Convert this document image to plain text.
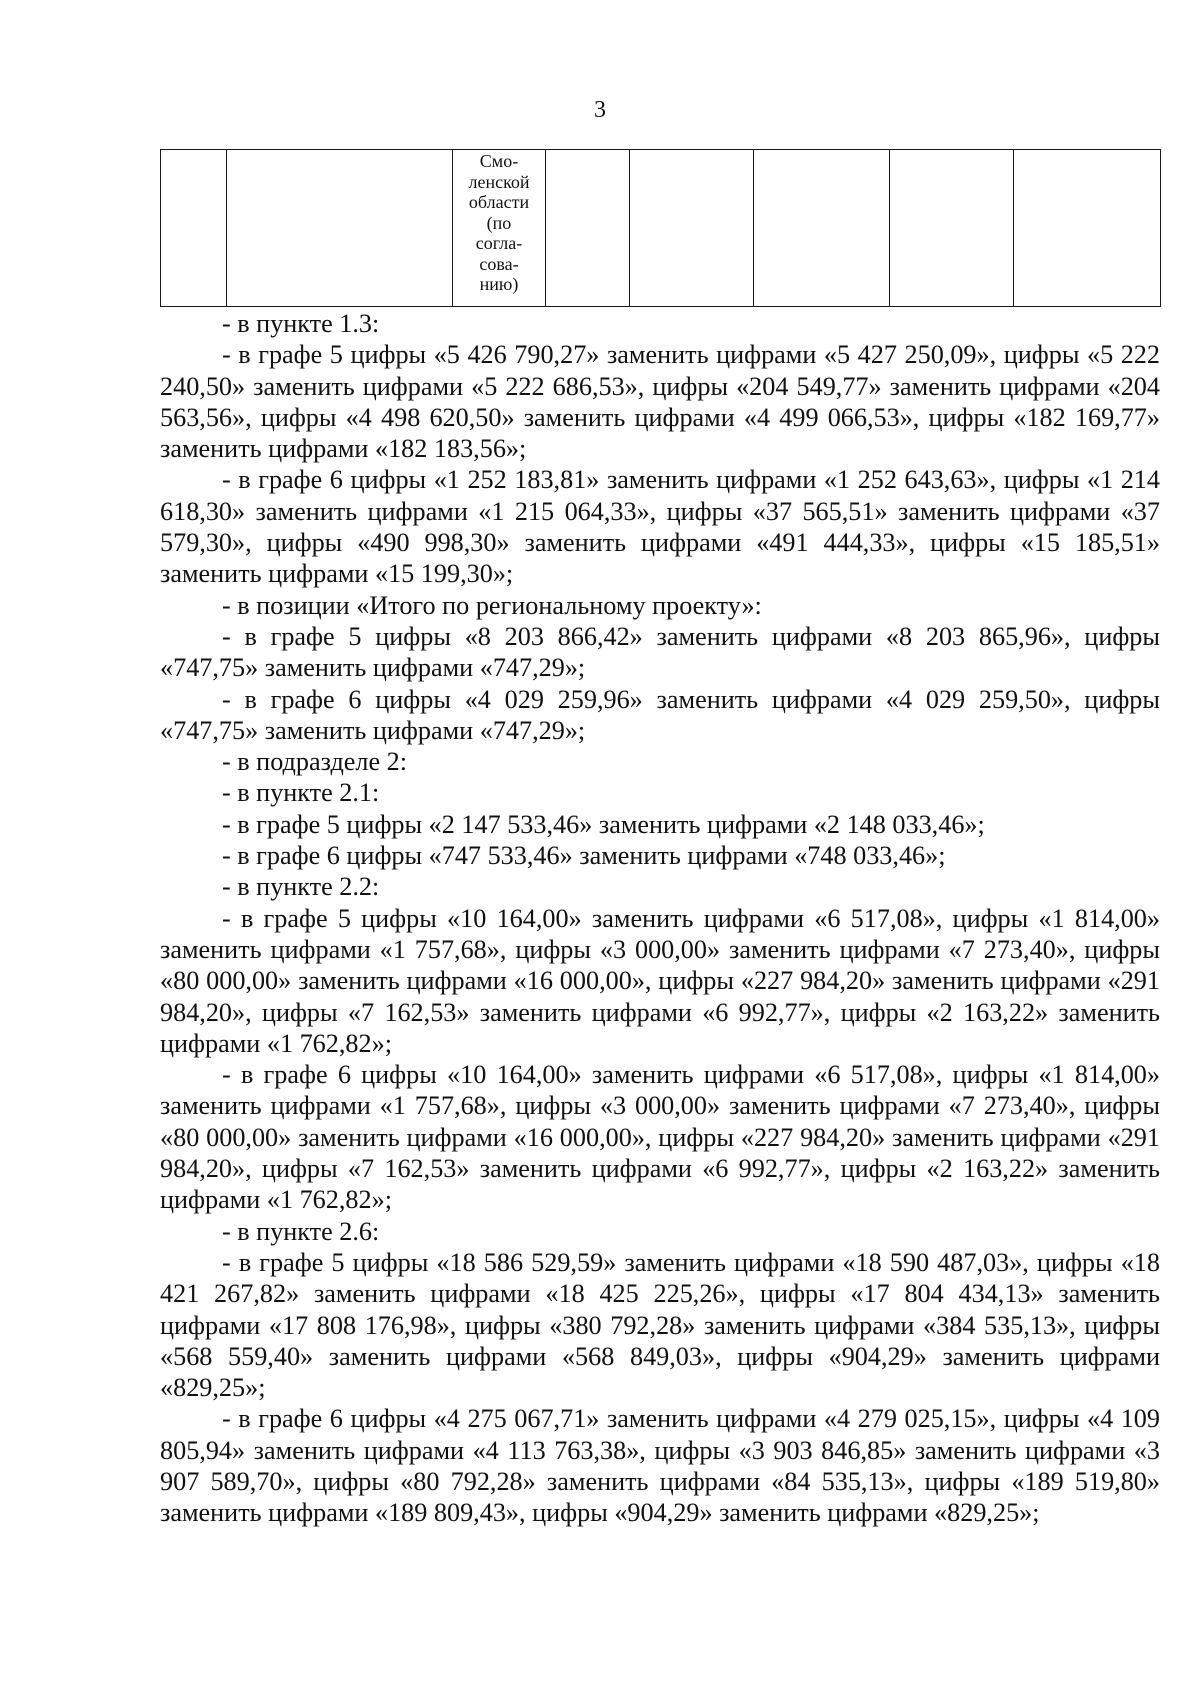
3

Смо-
ленской
области
(по
согла-
сова-
нию)

- в пункте 1.3:

- в графе 5 цифры «5 426 790,27» заменить цифрами «5 427 250,09», цифры «5 222 240,50» заменить цифрами «5 222 686,53», цифры «204 549,77» заменить цифрами «204 563,56», цифры «4 498 620,50» заменить цифрами «4 499 066,53», цифры «182 169,77» заменить цифрами «182 183,56»;

- в графе 6 цифры «1 252 183,81» заменить цифрами «1 252 643,63», цифры «1 214 618,30» заменить цифрами «1 215 064,33», цифры «37 565,51» заменить цифрами «37 579,30», цифры «490 998,30» заменить цифрами «491 444,33», цифры «15 185,51» заменить цифрами «15 199,30»;

- в позиции «Итого по региональному проекту»:

- в графе 5 цифры «8 203 866,42» заменить цифрами «8 203 865,96», цифры «747,75» заменить цифрами «747,29»;

- в графе 6 цифры «4 029 259,96» заменить цифрами «4 029 259,50», цифры «747,75» заменить цифрами «747,29»;

- в подразделе 2:

- в пункте 2.1:

- в графе 5 цифры «2 147 533,46» заменить цифрами «2 148 033,46»;

- в графе 6 цифры «747 533,46» заменить цифрами «748 033,46»;

- в пункте 2.2:

- в графе 5 цифры «10 164,00» заменить цифрами «6 517,08», цифры «1 814,00» заменить цифрами «1 757,68», цифры «3 000,00» заменить цифрами «7 273,40», цифры «80 000,00» заменить цифрами «16 000,00», цифры «227 984,20» заменить цифрами «291 984,20», цифры «7 162,53» заменить цифрами «6 992,77», цифры «2 163,22» заменить цифрами «1 762,82»;

- в графе 6 цифры «10 164,00» заменить цифрами «6 517,08», цифры «1 814,00» заменить цифрами «1 757,68», цифры «3 000,00» заменить цифрами «7 273,40», цифры «80 000,00» заменить цифрами «16 000,00», цифры «227 984,20» заменить цифрами «291 984,20», цифры «7 162,53» заменить цифрами «6 992,77», цифры «2 163,22» заменить цифрами «1 762,82»;

- в пункте 2.6:

- в графе 5 цифры «18 586 529,59» заменить цифрами «18 590 487,03», цифры «18 421 267,82» заменить цифрами «18 425 225,26», цифры «17 804 434,13» заменить цифрами «17 808 176,98», цифры «380 792,28» заменить цифрами «384 535,13», цифры «568 559,40» заменить цифрами «568 849,03», цифры «904,29» заменить цифрами «829,25»;

- в графе 6 цифры «4 275 067,71» заменить цифрами «4 279 025,15», цифры «4 109 805,94» заменить цифрами «4 113 763,38», цифры «3 903 846,85» заменить цифрами «3 907 589,70», цифры «80 792,28» заменить цифрами «84 535,13», цифры «189 519,80» заменить цифрами «189 809,43», цифры «904,29» заменить цифрами «829,25»;
